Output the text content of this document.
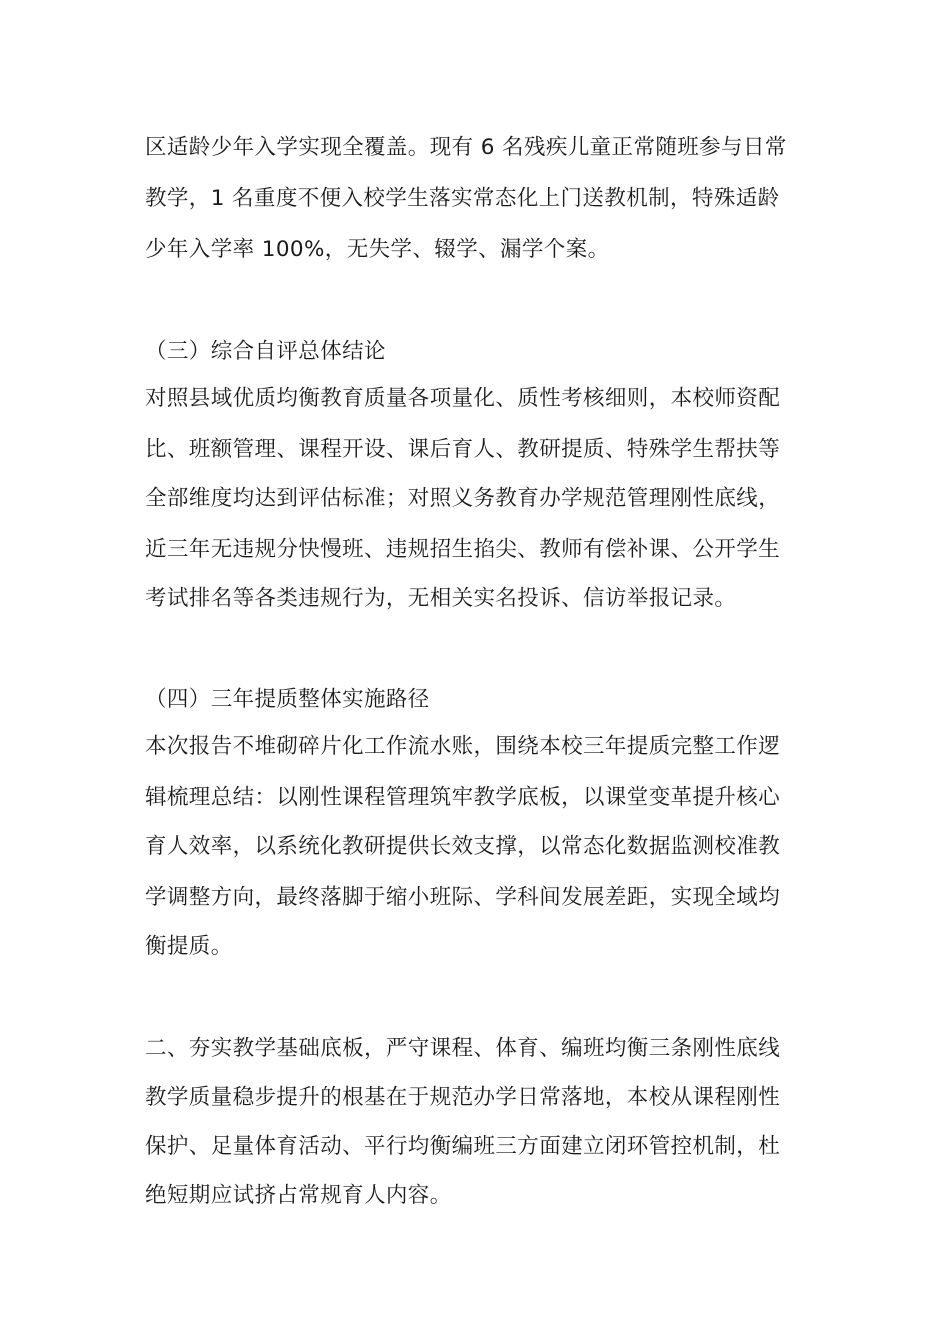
区适龄少年入学实现全覆盖。现有 6 名残疾儿童正常随班参与日常
教学，1 名重度不便入校学生落实常态化上门送教机制，特殊适龄
少年入学率 100%，无失学、辍学、漏学个案。
（三）综合自评总体结论
对照县域优质均衡教育质量各项量化、质性考核细则，本校师资配
比、班额管理、课程开设、课后育人、教研提质、特殊学生帮扶等
全部维度均达到评估标准；对照义务教育办学规范管理刚性底线，
近三年无违规分快慢班、违规招生掐尖、教师有偿补课、公开学生
考试排名等各类违规行为，无相关实名投诉、信访举报记录。
（四）三年提质整体实施路径
本次报告不堆砌碎片化工作流水账，围绕本校三年提质完整工作逻
辑梳理总结：以刚性课程管理筑牢教学底板，以课堂变革提升核心
育人效率，以系统化教研提供长效支撑，以常态化数据监测校准教
学调整方向，最终落脚于缩小班际、学科间发展差距，实现全域均
衡提质。
二、夯实教学基础底板，严守课程、体育、编班均衡三条刚性底线
教学质量稳步提升的根基在于规范办学日常落地，本校从课程刚性
保护、足量体育活动、平行均衡编班三方面建立闭环管控机制，杜
绝短期应试挤占常规育人内容。
